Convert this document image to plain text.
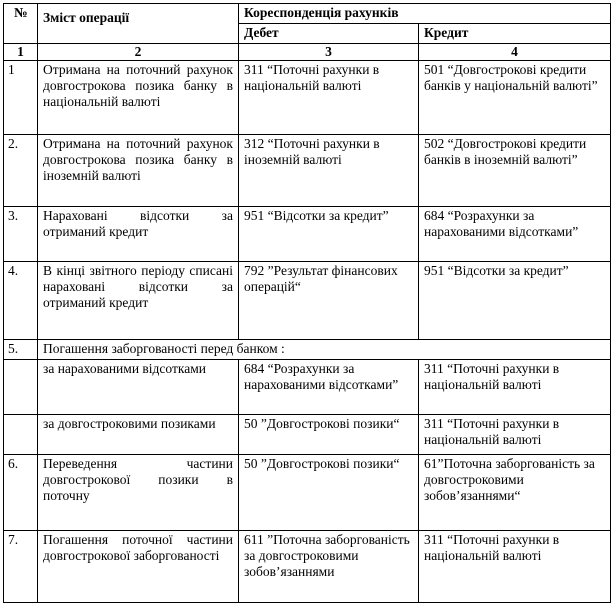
№	Зміст операції	Кореспонденція рахунків	
		Дебет	Кредит
1	2	3	4
1	Отримана на поточний рахунок довгострокова позика банку в національній валюті	311 “Поточні рахунки в національній валюті	501 “Довгострокові кредити банків у національній валюті”
2.	Отримана на поточний рахунок довгострокова позика банку в іноземній валюті	312 “Поточні рахунки в іноземній валюті	502 “Довгострокові кредити банків в іноземній валюті”
3.	Нараховані відсотки за отриманий кредит	951 “Відсотки за кредит”	684 “Розрахунки за нарахованими відсотками”
4.	В кінці звітного періоду списані нараховані відсотки за отриманий кредит	792 ”Результат фінансових операцій“	951 “Відсотки за кредит”
5.	Погашення заборгованості перед банком :		
	за нарахованими відсотками	684 “Розрахунки за нарахованими відсотками”	311 “Поточні рахунки в національній валюті
	за довгостроковими позиками	50 ”Довгострокові позики“	311 “Поточні рахунки в національній валюті
6.	Переведення частини довгострокової позики в поточну	50 ”Довгострокові позики“	61”Поточна заборгованість за довгостроковими зобов’язаннями“
7.	Погашення поточної частини довгострокової заборгованості	611 ”Поточна заборгованість за довгостроковими зобов’язаннями	311 “Поточні рахунки в національній валюті
